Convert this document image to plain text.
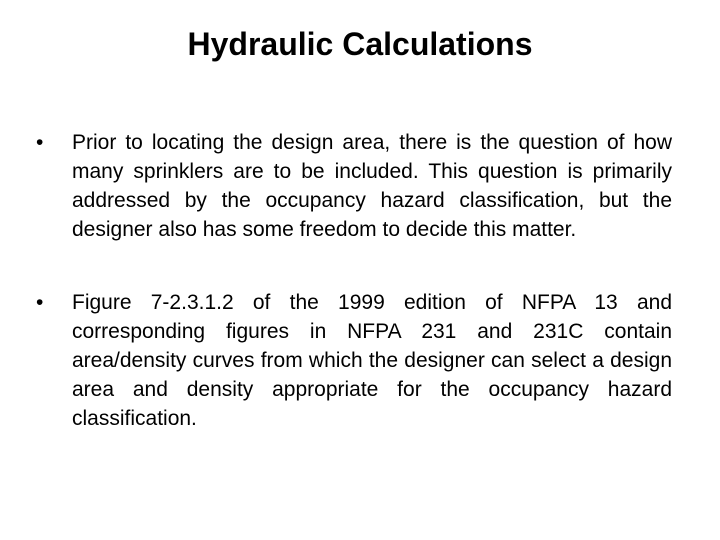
Hydraulic Calculations
•	Prior to locating the design area, there is the question of how many sprinklers are to be included. This question is primarily addressed by the occupancy hazard classification, but the designer also has some freedom to decide this matter.
•	Figure 7-2.3.1.2 of the 1999 edition of NFPA 13 and corresponding figures in NFPA 231 and 231C contain area/density curves from which the designer can select a design area and density appropriate for the occupancy hazard classification.
